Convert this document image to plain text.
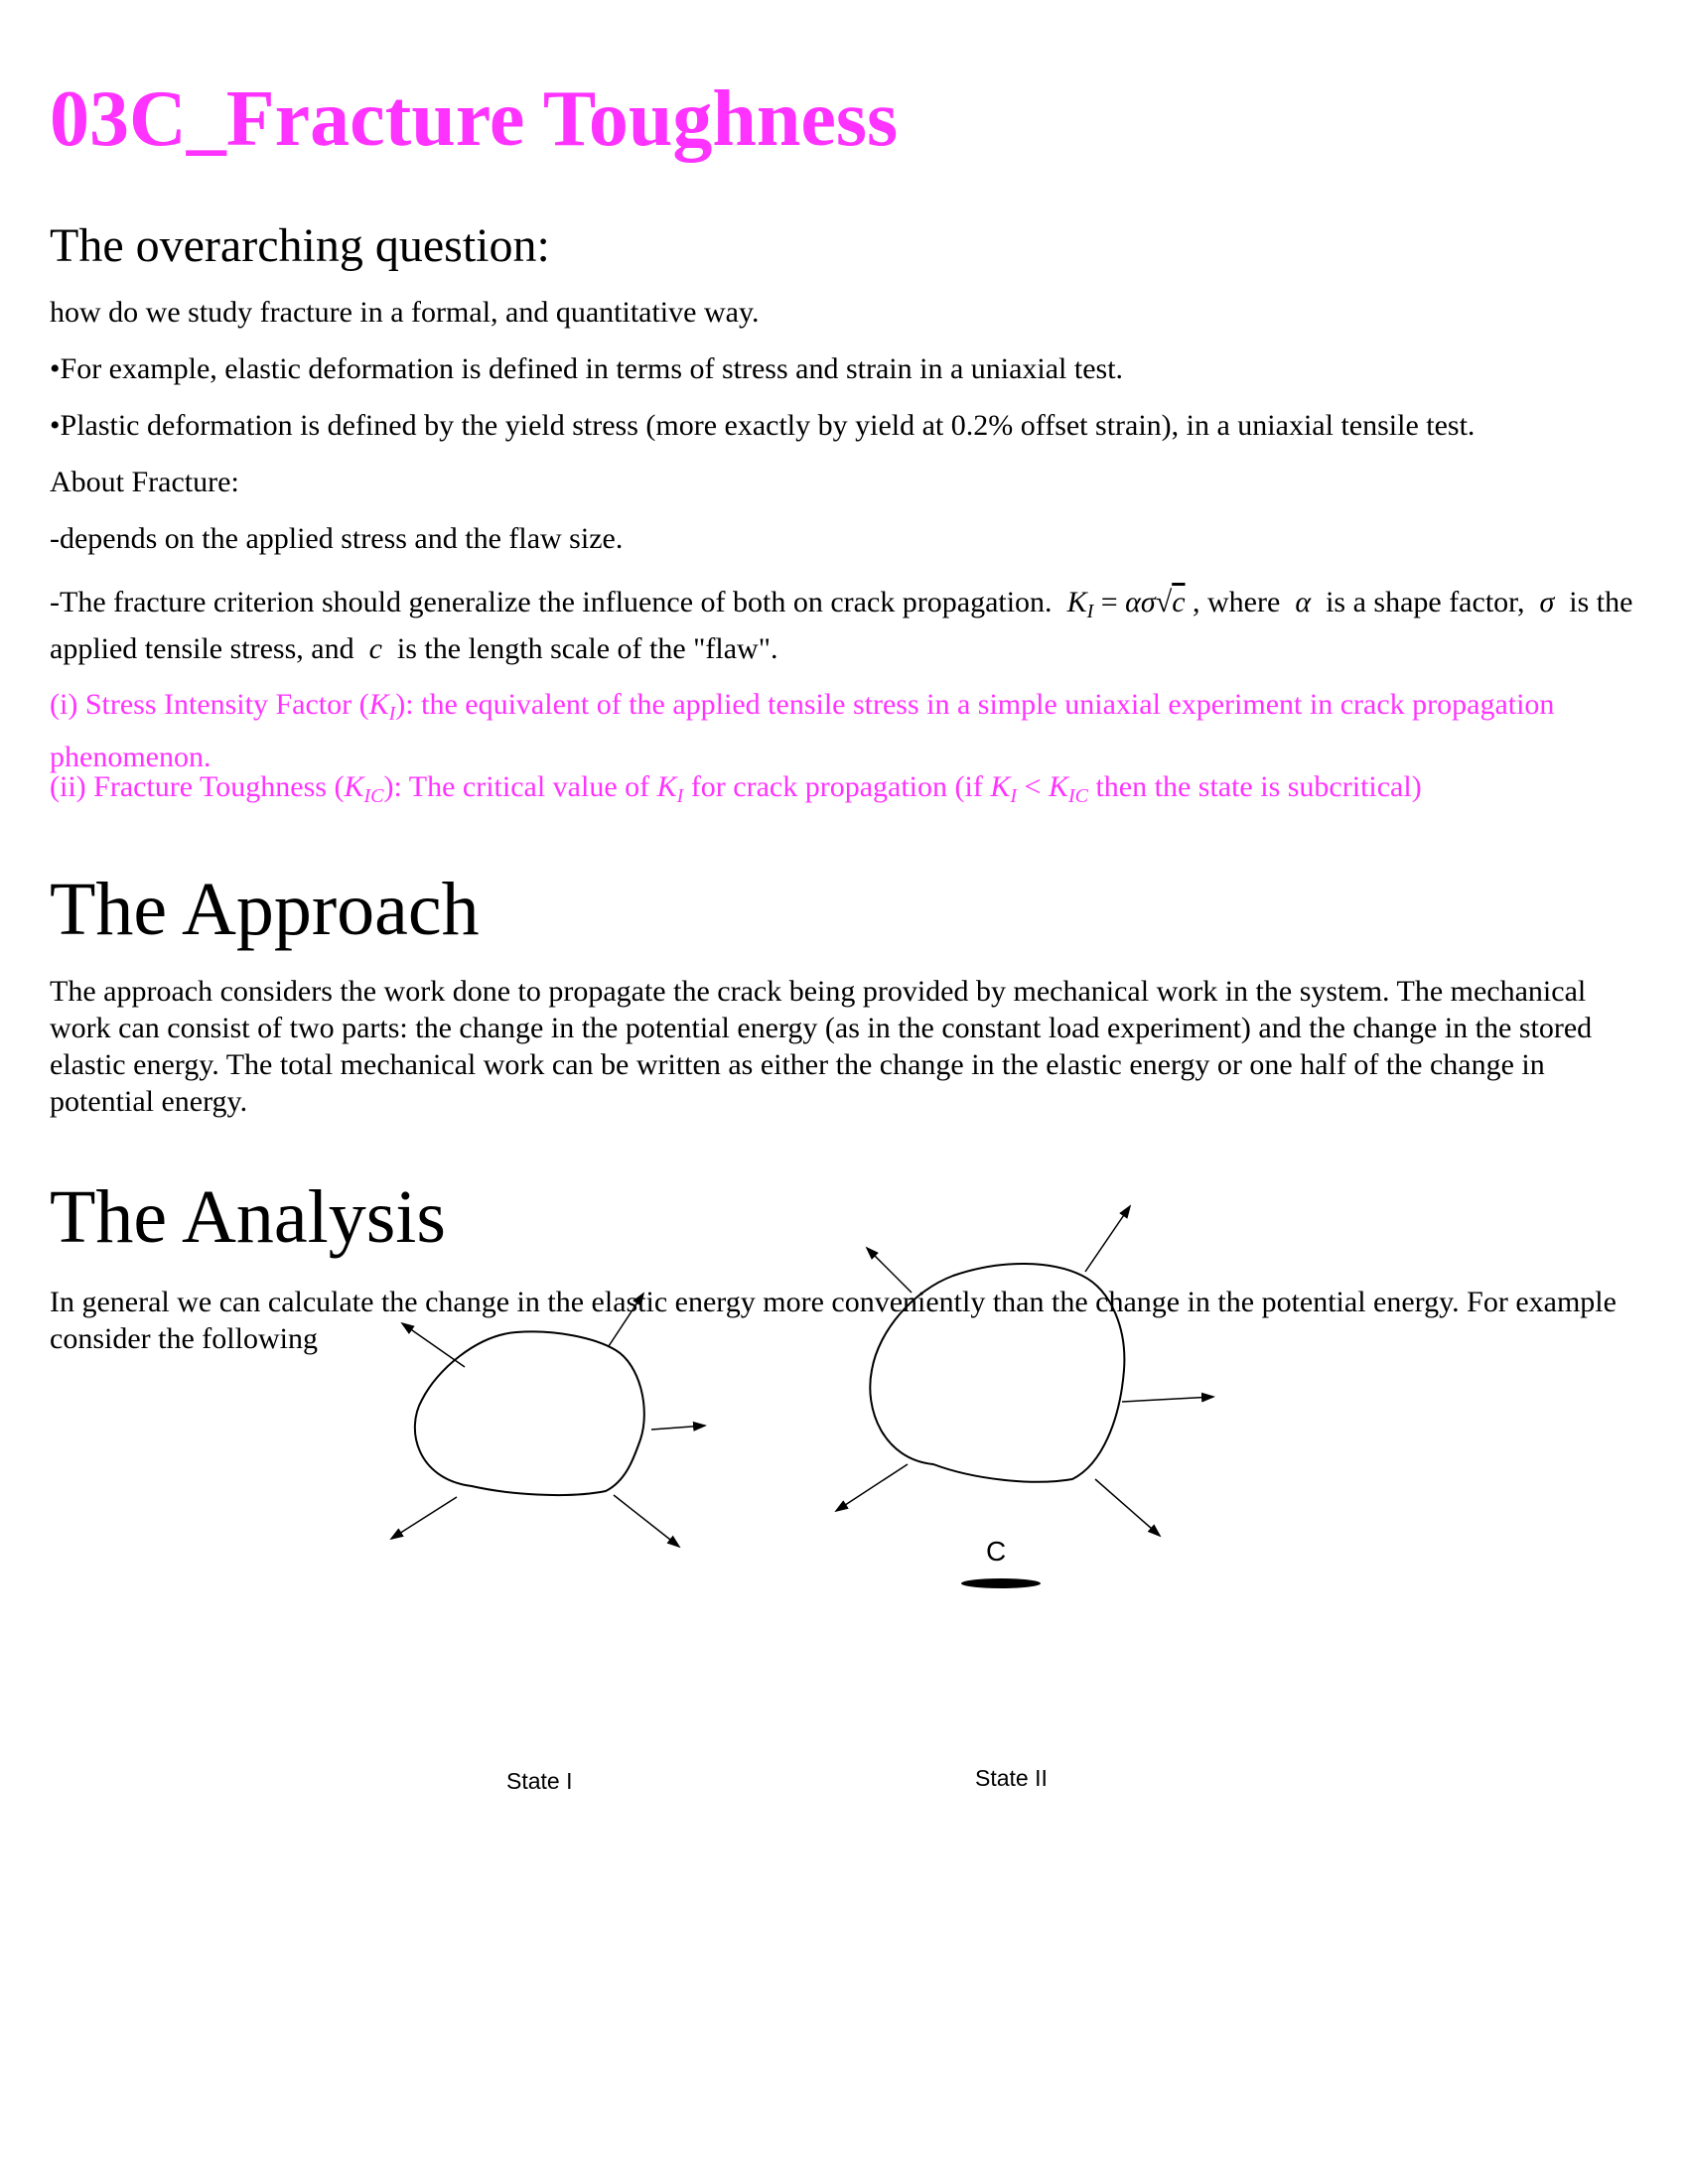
03C_Fracture Toughness
The overarching question:
how do we study fracture in a formal, and quantitative way.
•For example, elastic deformation is defined in terms of stress and strain in a uniaxial test.
•Plastic deformation is defined by the yield stress (more exactly by yield at 0.2% offset strain), in a uniaxial tensile test.
About Fracture:
-depends on the applied stress and the flaw size.
-The fracture criterion should generalize the influence of both on crack propagation. $K_I = \alpha\sigma√c$ , where  α  is a shape factor,  σ  is the applied tensile stress, and  c  is the length scale of the "flaw".
(i) Stress Intensity Factor $(K_I)$: the equivalent of the applied tensile stress in a simple uniaxial experiment in crack propagation phenomenon.
(ii) Fracture Toughness $(K_{IC})$: The critical value of $K_I$ for crack propagation (if $K_I < K_{IC}$ then the state is subcritical)
The Approach
The approach considers the work done to propagate the crack being provided by mechanical work in the system. The mechanical work can consist of two parts: the change in the potential energy (as in the constant load experiment) and the change in the stored elastic energy. The total mechanical work can be written as either the change in the elastic energy or one half of the change in potential energy.
The Analysis
In general we can calculate the change in the elastic energy more conveniently than the change in the potential energy. For example consider the following
C
State I	State II
